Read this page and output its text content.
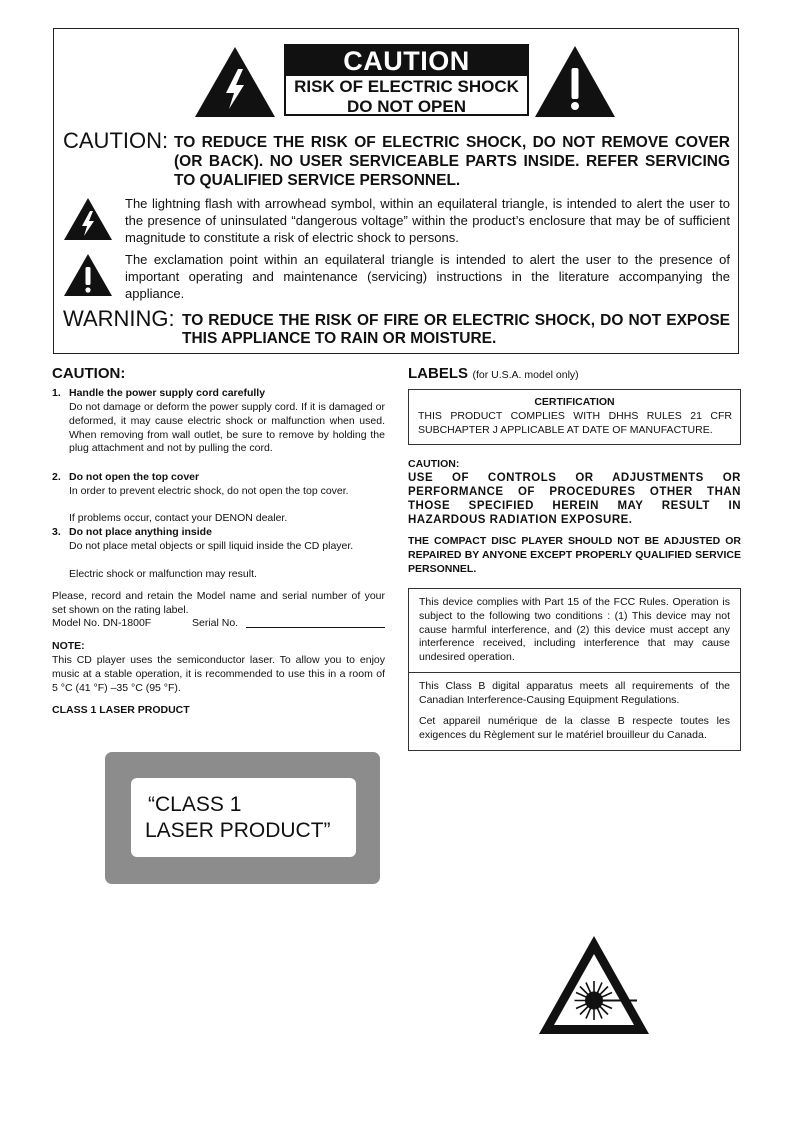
CAUTION
RISK OF ELECTRIC SHOCK
DO NOT OPEN
CAUTION: TO REDUCE THE RISK OF ELECTRIC SHOCK, DO NOT REMOVE COVER
(OR BACK). NO USER SERVICEABLE PARTS INSIDE. REFER SERVICING
TO QUALIFIED SERVICE PERSONNEL.
The lightning flash with arrowhead symbol, within an equilateral triangle, is intended to alert the user to the presence of uninsulated “dangerous voltage” within the product’s enclosure that may be of sufficient magnitude to constitute a risk of electric shock to persons.
The exclamation point within an equilateral triangle is intended to alert the user to the presence of important operating and maintenance (servicing) instructions in the literature accompanying the appliance.
WARNING: TO REDUCE THE RISK OF FIRE OR ELECTRIC SHOCK, DO NOT EXPOSE
THIS APPLIANCE TO RAIN OR MOISTURE.
CAUTION:
1. Handle the power supply cord carefully
Do not damage or deform the power supply cord. If it is damaged or deformed, it may cause electric shock or malfunction when used. When removing from wall outlet, be sure to remove by holding the plug attachment and not by pulling the cord.
2. Do not open the top cover
In order to prevent electric shock, do not open the top cover.
If problems occur, contact your DENON dealer.
3. Do not place anything inside
Do not place metal objects or spill liquid inside the CD player.
Electric shock or malfunction may result.
Please, record and retain the Model name and serial number of your set shown on the rating label.
Model No. DN-1800F	Serial No.
NOTE:
This CD player uses the semiconductor laser. To allow you to enjoy music at a stable operation, it is recommended to use this in a room of 5 °C (41 °F) –35 °C (95 °F).
CLASS 1 LASER PRODUCT
“CLASS 1
LASER PRODUCT”
LABELS (for U.S.A. model only)
CERTIFICATION
THIS PRODUCT COMPLIES WITH DHHS RULES 21 CFR SUBCHAPTER J APPLICABLE AT DATE OF MANUFACTURE.
CAUTION:
USE OF CONTROLS OR ADJUSTMENTS OR PERFORMANCE OF PROCEDURES OTHER THAN THOSE SPECIFIED HEREIN MAY RESULT IN HAZARDOUS RADIATION EXPOSURE.
THE COMPACT DISC PLAYER SHOULD NOT BE ADJUSTED OR REPAIRED BY ANYONE EXCEPT PROPERLY QUALIFIED SERVICE PERSONNEL.
This device complies with Part 15 of the FCC Rules. Operation is subject to the following two conditions : (1) This device may not cause harmful interference, and (2) this device must accept any interference received, including interference that may cause undesired operation.
This Class B digital apparatus meets all requirements of the Canadian Interference-Causing Equipment Regulations.
Cet appareil numérique de la classe B respecte toutes les exigences du Règlement sur le matériel brouilleur du Canada.
